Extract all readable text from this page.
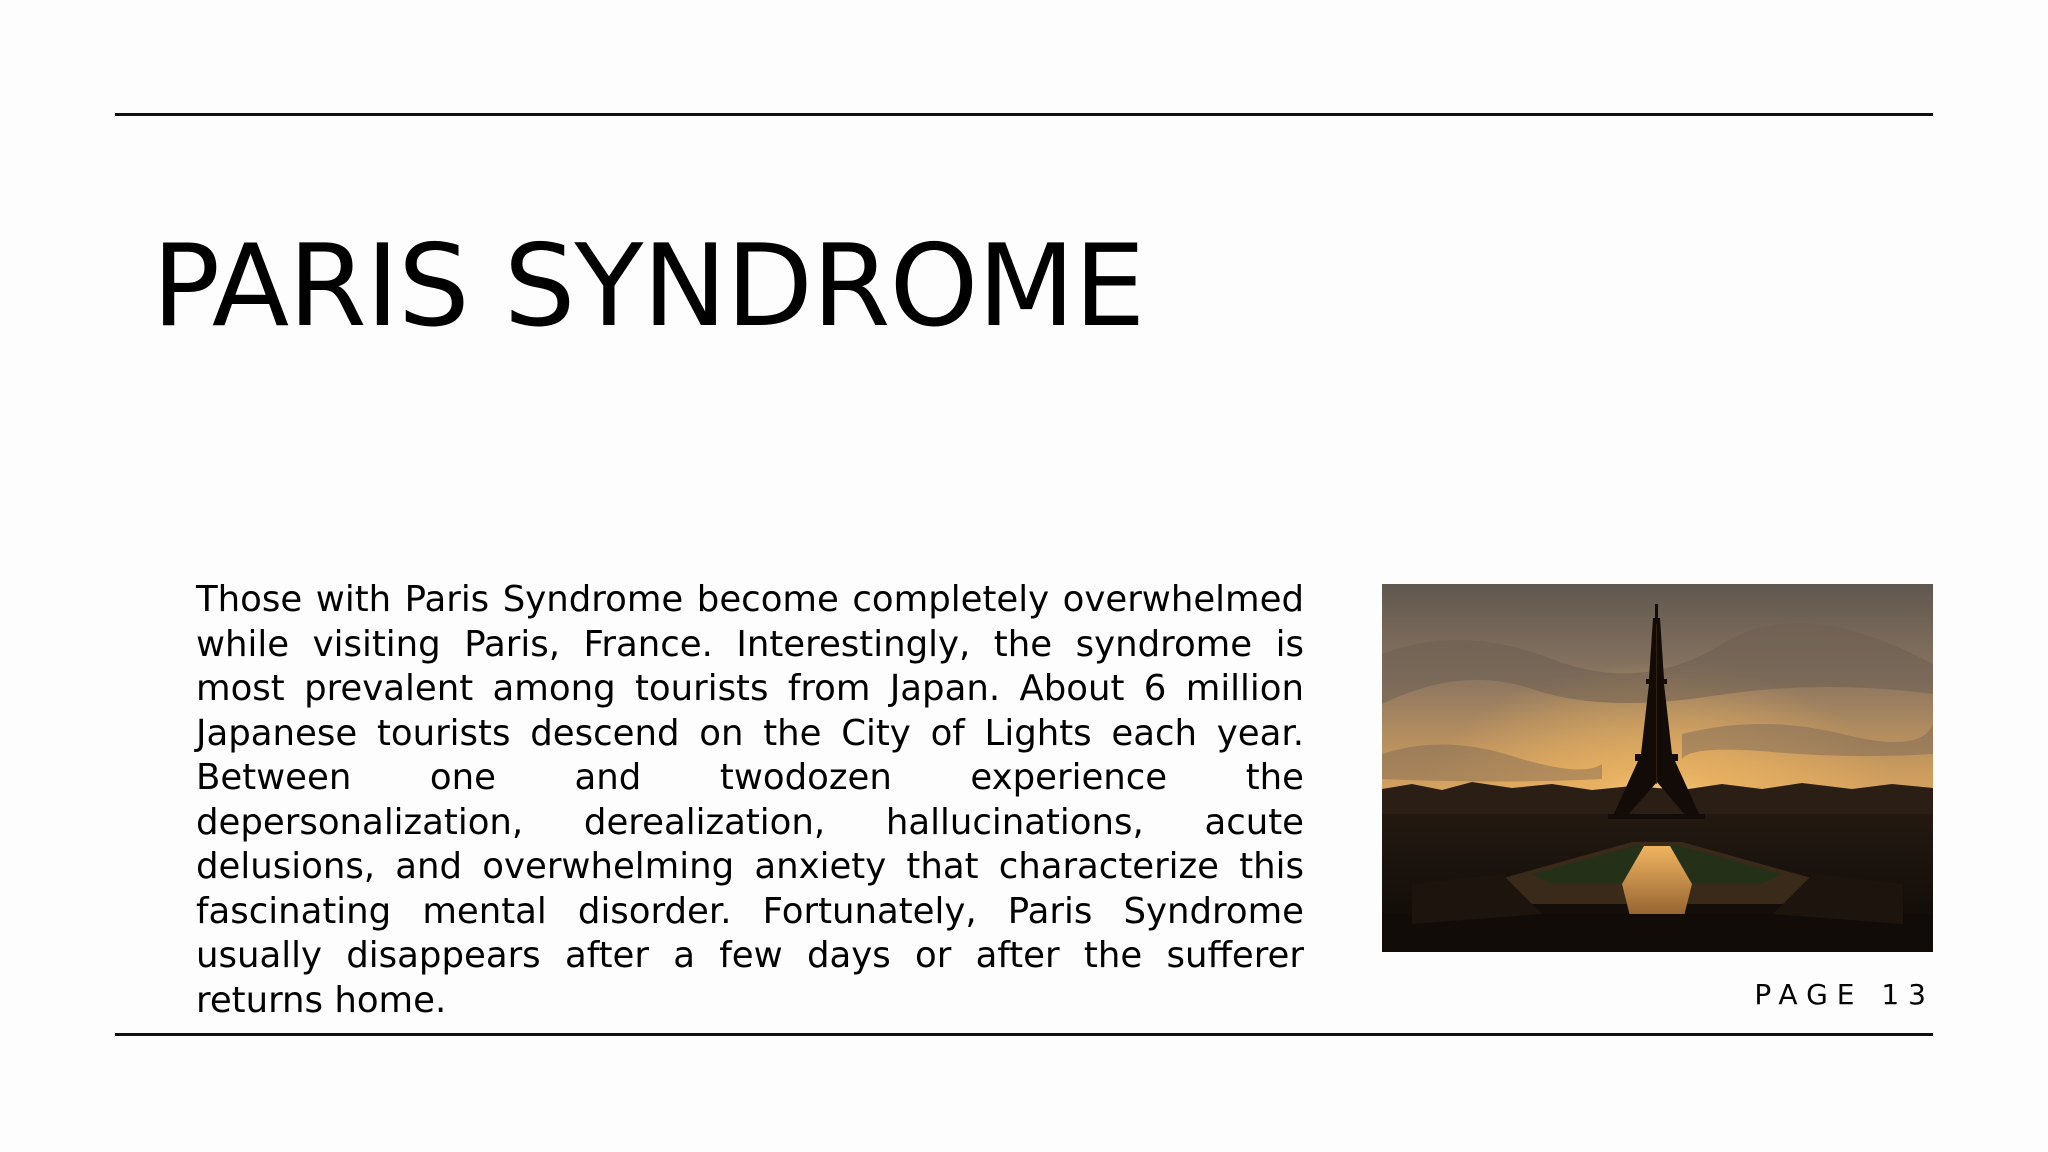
PARIS SYNDROME

Those with Paris Syndrome become completely overwhelmed while visiting Paris, France. Interestingly, the syndrome is most prevalent among tourists from Japan. About 6 million Japanese tourists descend on the City of Lights each year. Between one and twodozen experience the depersonalization, derealization, hallucinations, acute delusions, and overwhelming anxiety that characterize this fascinating mental disorder. Fortunately, Paris Syndrome usually disappears after a few days or after the sufferer returns home.	PAGE 13
